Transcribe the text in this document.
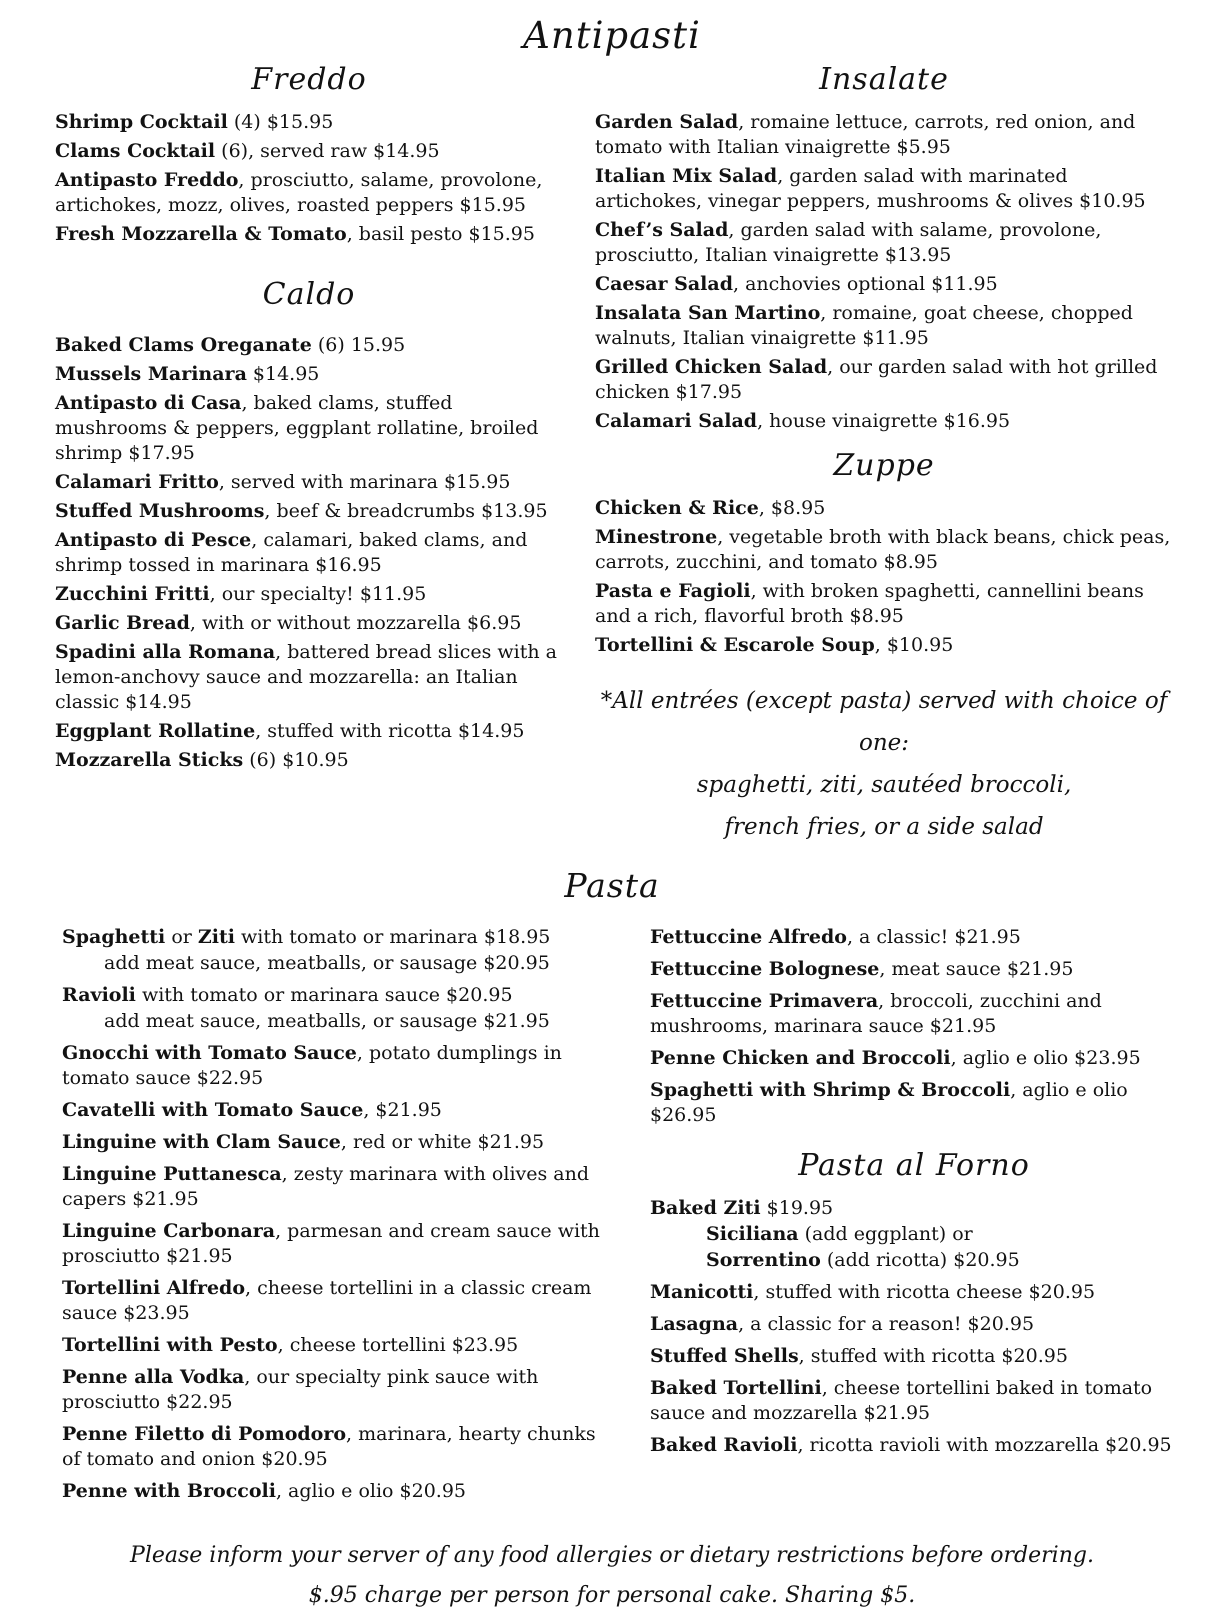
Antipasti
Freddo

Shrimp Cocktail (4) $15.95

Clams Cocktail (6), served raw $14.95

Antipasto Freddo, prosciutto, salame, provolone, artichokes, mozz, olives, roasted peppers $15.95

Fresh Mozzarella & Tomato, basil pesto $15.95

Caldo

Baked Clams Oreganate (6) 15.95

Mussels Marinara $14.95

Antipasto di Casa, baked clams, stuffed mushrooms & peppers, eggplant rollatine, broiled shrimp $17.95

Calamari Fritto, served with marinara $15.95

Stuffed Mushrooms, beef & breadcrumbs $13.95

Antipasto di Pesce, calamari, baked clams, and shrimp tossed in marinara $16.95

Zucchini Fritti, our specialty! $11.95

Garlic Bread, with or without mozzarella $6.95

Spadini alla Romana, battered bread slices with a lemon-anchovy sauce and mozzarella: an Italian classic $14.95

Eggplant Rollatine, stuffed with ricotta $14.95

Mozzarella Sticks (6) $10.95

Insalate

Garden Salad, romaine lettuce, carrots, red onion, and tomato with Italian vinaigrette $5.95

Italian Mix Salad, garden salad with marinated artichokes, vinegar peppers, mushrooms & olives $10.95

Chef’s Salad, garden salad with salame, provolone, prosciutto, Italian vinaigrette $13.95

Caesar Salad, anchovies optional $11.95

Insalata San Martino, romaine, goat cheese, chopped walnuts, Italian vinaigrette $11.95

Grilled Chicken Salad, our garden salad with hot grilled chicken $17.95

Calamari Salad, house vinaigrette $16.95

Zuppe

Chicken & Rice, $8.95

Minestrone, vegetable broth with black beans, chick peas, carrots, zucchini, and tomato $8.95

Pasta e Fagioli, with broken spaghetti, cannellini beans and a rich, flavorful broth $8.95

Tortellini & Escarole Soup, $10.95

*All entrées (except pasta) served with choice of one:
spaghetti, ziti, sautéed broccoli,
french fries, or a side salad
Pasta

Spaghetti or Ziti with tomato or marinara $18.95

add meat sauce, meatballs, or sausage $20.95

Ravioli with tomato or marinara sauce $20.95

add meat sauce, meatballs, or sausage $21.95

Gnocchi with Tomato Sauce, potato dumplings in tomato sauce $22.95

Cavatelli with Tomato Sauce, $21.95

Linguine with Clam Sauce, red or white $21.95

Linguine Puttanesca, zesty marinara with olives and capers $21.95

Linguine Carbonara, parmesan and cream sauce with prosciutto $21.95

Tortellini Alfredo, cheese tortellini in a classic cream sauce $23.95

Tortellini with Pesto, cheese tortellini $23.95

Penne alla Vodka, our specialty pink sauce with prosciutto $22.95

Penne Filetto di Pomodoro, marinara, hearty chunks of tomato and onion $20.95

Penne with Broccoli, aglio e olio $20.95

Fettuccine Alfredo, a classic! $21.95

Fettuccine Bolognese, meat sauce $21.95

Fettuccine Primavera, broccoli, zucchini and mushrooms, marinara sauce $21.95

Penne Chicken and Broccoli, aglio e olio $23.95

Spaghetti with Shrimp & Broccoli, aglio e olio $26.95

Pasta al Forno

Baked Ziti $19.95

Siciliana (add eggplant) or

Sorrentino (add ricotta) $20.95

Manicotti, stuffed with ricotta cheese $20.95

Lasagna, a classic for a reason! $20.95

Stuffed Shells, stuffed with ricotta $20.95

Baked Tortellini, cheese tortellini baked in tomato sauce and mozzarella $21.95

Baked Ravioli, ricotta ravioli with mozzarella $20.95

Please inform your server of any food allergies or dietary restrictions before ordering.
$.95 charge per person for personal cake. Sharing $5.
